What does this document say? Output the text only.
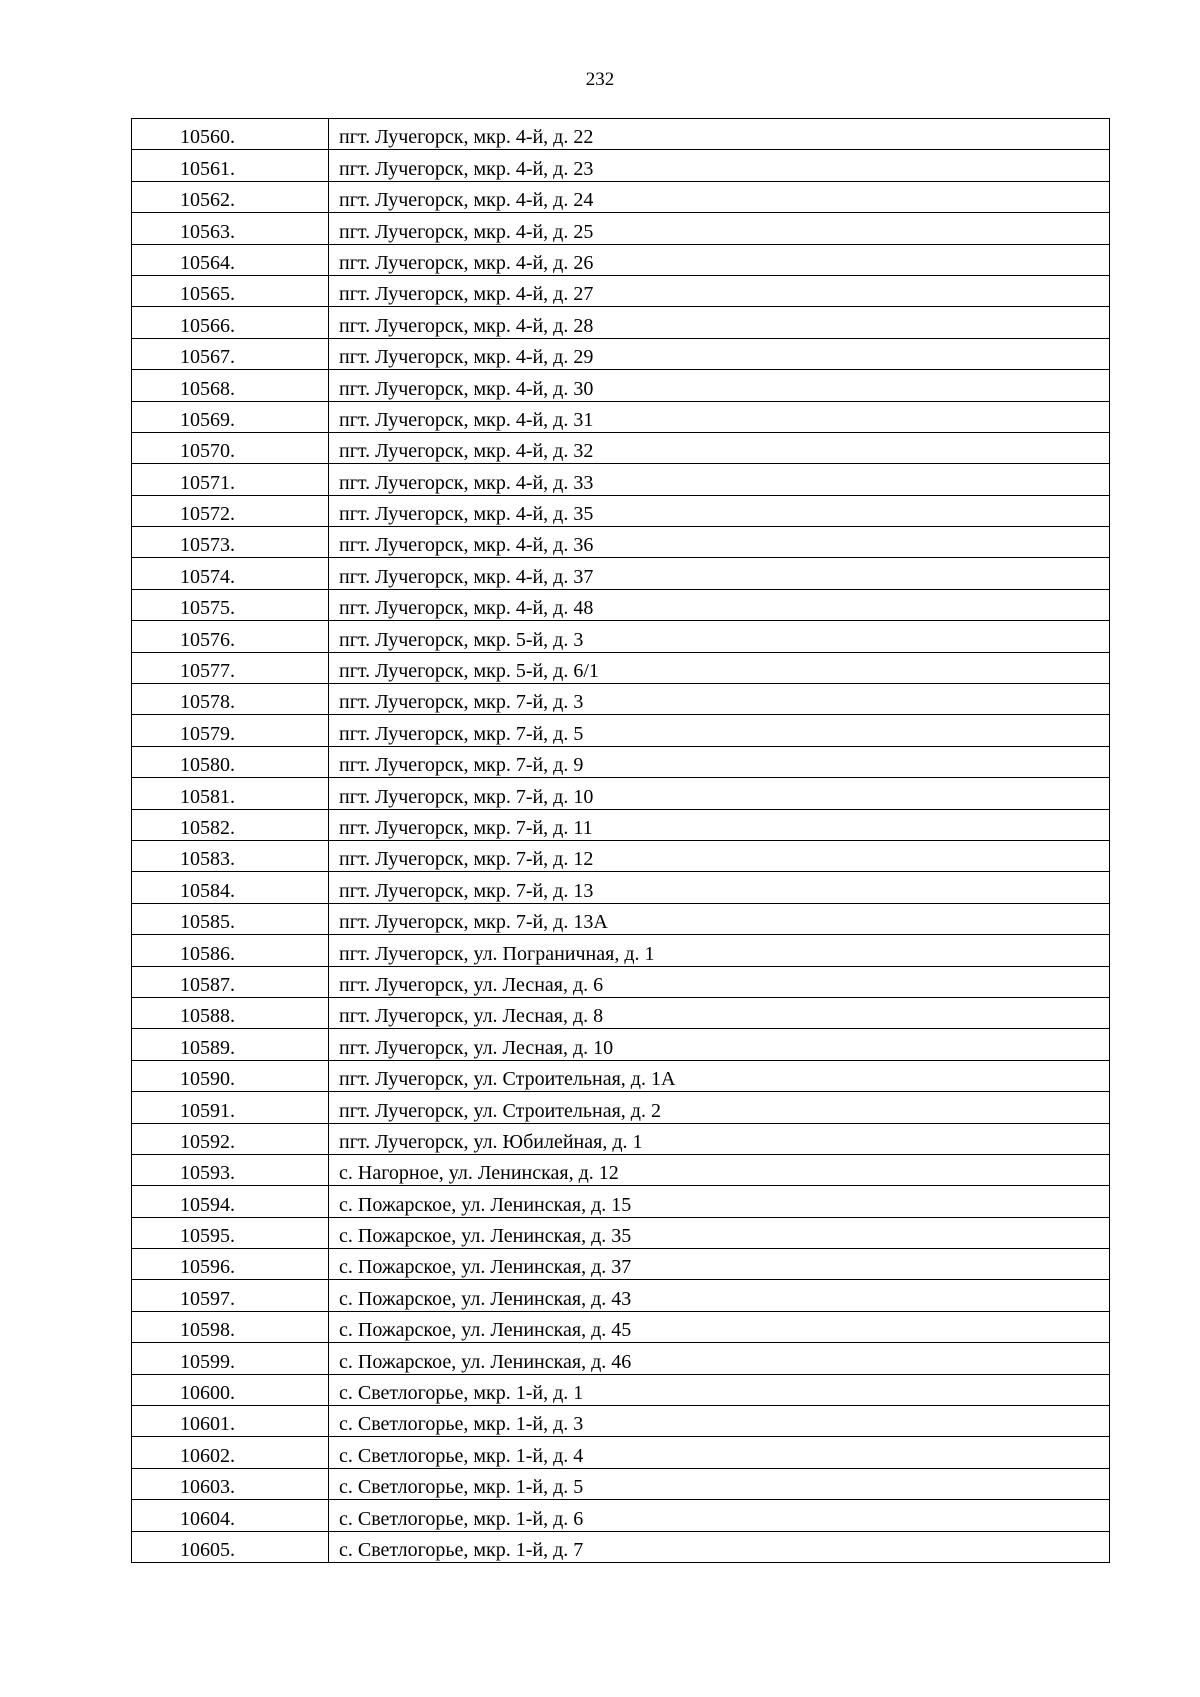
232
10560.	пгт. Лучегорск, мкр. 4-й, д. 22
10561.	пгт. Лучегорск, мкр. 4-й, д. 23
10562.	пгт. Лучегорск, мкр. 4-й, д. 24
10563.	пгт. Лучегорск, мкр. 4-й, д. 25
10564.	пгт. Лучегорск, мкр. 4-й, д. 26
10565.	пгт. Лучегорск, мкр. 4-й, д. 27
10566.	пгт. Лучегорск, мкр. 4-й, д. 28
10567.	пгт. Лучегорск, мкр. 4-й, д. 29
10568.	пгт. Лучегорск, мкр. 4-й, д. 30
10569.	пгт. Лучегорск, мкр. 4-й, д. 31
10570.	пгт. Лучегорск, мкр. 4-й, д. 32
10571.	пгт. Лучегорск, мкр. 4-й, д. 33
10572.	пгт. Лучегорск, мкр. 4-й, д. 35
10573.	пгт. Лучегорск, мкр. 4-й, д. 36
10574.	пгт. Лучегорск, мкр. 4-й, д. 37
10575.	пгт. Лучегорск, мкр. 4-й, д. 48
10576.	пгт. Лучегорск, мкр. 5-й, д. 3
10577.	пгт. Лучегорск, мкр. 5-й, д. 6/1
10578.	пгт. Лучегорск, мкр. 7-й, д. 3
10579.	пгт. Лучегорск, мкр. 7-й, д. 5
10580.	пгт. Лучегорск, мкр. 7-й, д. 9
10581.	пгт. Лучегорск, мкр. 7-й, д. 10
10582.	пгт. Лучегорск, мкр. 7-й, д. 11
10583.	пгт. Лучегорск, мкр. 7-й, д. 12
10584.	пгт. Лучегорск, мкр. 7-й, д. 13
10585.	пгт. Лучегорск, мкр. 7-й, д. 13А
10586.	пгт. Лучегорск, ул. Пограничная, д. 1
10587.	пгт. Лучегорск, ул. Лесная, д. 6
10588.	пгт. Лучегорск, ул. Лесная, д. 8
10589.	пгт. Лучегорск, ул. Лесная, д. 10
10590.	пгт. Лучегорск, ул. Строительная, д. 1А
10591.	пгт. Лучегорск, ул. Строительная, д. 2
10592.	пгт. Лучегорск, ул. Юбилейная, д. 1
10593.	с. Нагорное, ул. Ленинская, д. 12
10594.	с. Пожарское, ул. Ленинская, д. 15
10595.	с. Пожарское, ул. Ленинская, д. 35
10596.	с. Пожарское, ул. Ленинская, д. 37
10597.	с. Пожарское, ул. Ленинская, д. 43
10598.	с. Пожарское, ул. Ленинская, д. 45
10599.	с. Пожарское, ул. Ленинская, д. 46
10600.	с. Светлогорье, мкр. 1-й, д. 1
10601.	с. Светлогорье, мкр. 1-й, д. 3
10602.	с. Светлогорье, мкр. 1-й, д. 4
10603.	с. Светлогорье, мкр. 1-й, д. 5
10604.	с. Светлогорье, мкр. 1-й, д. 6
10605.	с. Светлогорье, мкр. 1-й, д. 7
